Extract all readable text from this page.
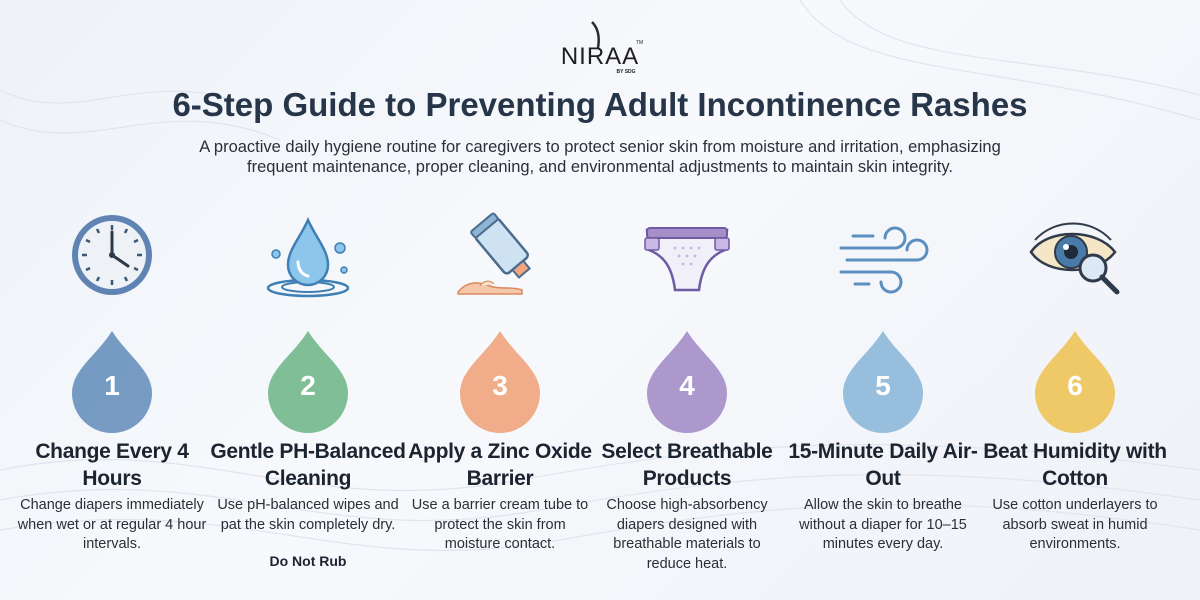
NIRAA
TM
BY SDG
6-Step Guide to Preventing Adult Incontinence Rashes

A proactive daily hygiene routine for caregivers to protect senior skin from moisture and irritation, emphasizing frequent maintenance, proper cleaning, and environmental adjustments to maintain skin integrity.

1
Change Every 4 Hours
Change diapers immediately when wet or at regular 4 hour intervals.
2
Gentle PH-Balanced Cleaning
Use pH-balanced wipes and pat the skin completely dry.
Do Not Rub
3
Apply a Zinc Oxide Barrier
Use a barrier cream tube to protect the skin from moisture contact.
4
Select Breathable Products
Choose high-absorbency diapers designed with breathable materials to reduce heat.
5
15-Minute Daily Air-Out
Allow the skin to breathe without a diaper for 10–15 minutes every day.
6
Beat Humidity with Cotton
Use cotton underlayers to absorb sweat in humid environments.
